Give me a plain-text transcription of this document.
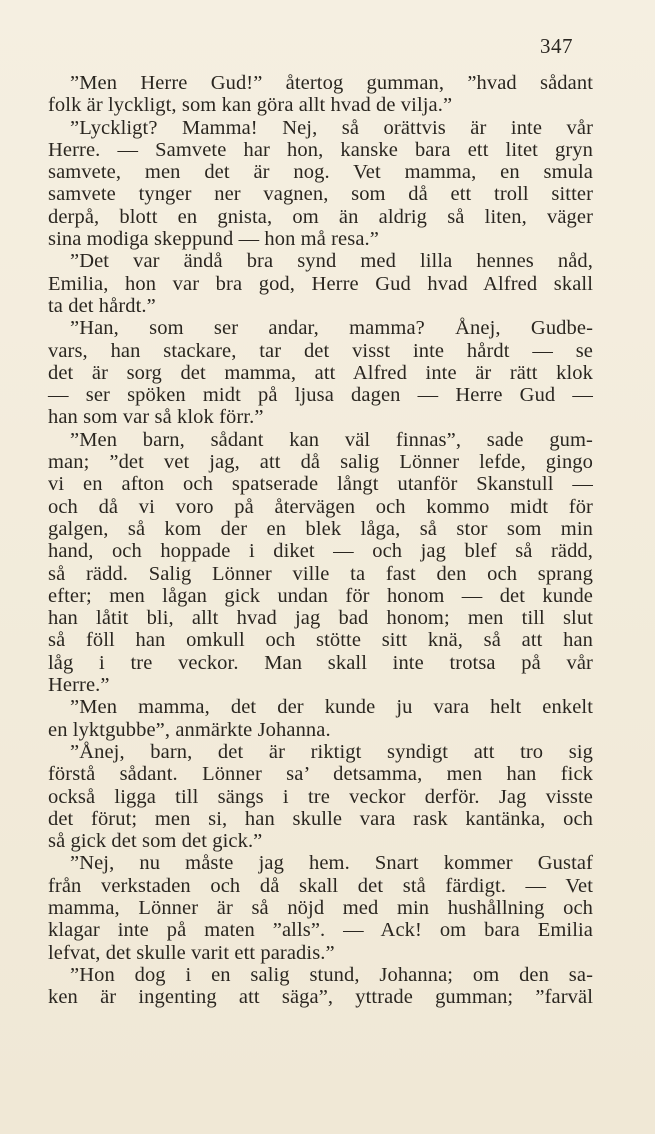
347
”Men Herre Gud!” återtog gumman, ”hvad sådant
folk är lyckligt, som kan göra allt hvad de vilja.”
”Lyckligt? Mamma! Nej, så orättvis är inte vår
Herre. — Samvete har hon, kanske bara ett litet gryn
samvete, men det är nog. Vet mamma, en smula
samvete tynger ner vagnen, som då ett troll sitter
derpå, blott en gnista, om än aldrig så liten, väger
sina modiga skeppund — hon må resa.”
”Det var ändå bra synd med lilla hennes nåd,
Emilia, hon var bra god, Herre Gud hvad Alfred skall
ta det hårdt.”
”Han, som ser andar, mamma? Ånej, Gudbe-
vars, han stackare, tar det visst inte hårdt — se
det är sorg det mamma, att Alfred inte är rätt klok
— ser spöken midt på ljusa dagen — Herre Gud —
han som var så klok förr.”
”Men barn, sådant kan väl finnas”, sade gum-
man; ”det vet jag, att då salig Lönner lefde, gingo
vi en afton och spatserade långt utanför Skanstull —
och då vi voro på återvägen och kommo midt för
galgen, så kom der en blek låga, så stor som min
hand, och hoppade i diket — och jag blef så rädd,
så rädd. Salig Lönner ville ta fast den och sprang
efter; men lågan gick undan för honom — det kunde
han låtit bli, allt hvad jag bad honom; men till slut
så föll han omkull och stötte sitt knä, så att han
låg i tre veckor. Man skall inte trotsa på vår
Herre.”
”Men mamma, det der kunde ju vara helt enkelt
en lyktgubbe”, anmärkte Johanna.
”Ånej, barn, det är riktigt syndigt att tro sig
förstå sådant. Lönner sa’ detsamma, men han fick
också ligga till sängs i tre veckor derför. Jag visste
det förut; men si, han skulle vara rask kantänka, och
så gick det som det gick.”
”Nej, nu måste jag hem. Snart kommer Gustaf
från verkstaden och då skall det stå färdigt. — Vet
mamma, Lönner är så nöjd med min hushållning och
klagar inte på maten ”alls”. — Ack! om bara Emilia
lefvat, det skulle varit ett paradis.”
”Hon dog i en salig stund, Johanna; om den sa-
ken är ingenting att säga”, yttrade gumman; ”farväl
